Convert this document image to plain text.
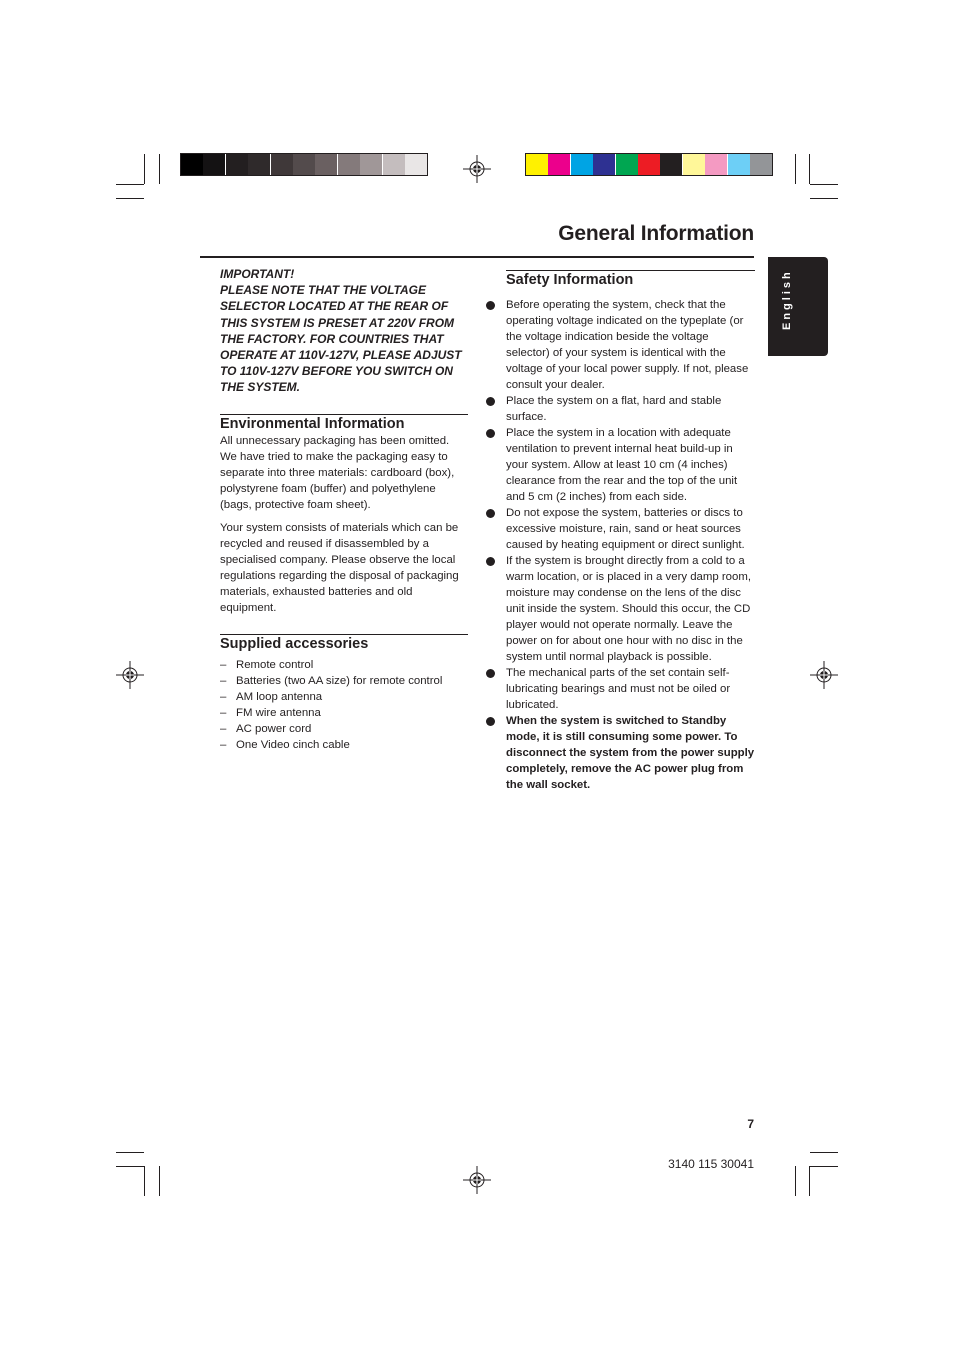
General Information
English
IMPORTANT!
PLEASE NOTE THAT THE VOLTAGE
SELECTOR LOCATED AT THE REAR OF
THIS SYSTEM IS PRESET AT 220V FROM
THE FACTORY. FOR COUNTRIES THAT
OPERATE AT 110V-127V, PLEASE ADJUST
TO 110V-127V BEFORE YOU SWITCH ON
THE SYSTEM.
Environmental Information

All unnecessary packaging has been omitted. We have tried to make the packaging easy to separate into three materials: cardboard (box), polystyrene foam (buffer) and polyethylene (bags, protective foam sheet).

Your system consists of materials which can be recycled and reused if disassembled by a specialised company. Please observe the local regulations regarding the disposal of packaging materials, exhausted batteries and old equipment.

Supplied accessories
– Remote control
– Batteries (two AA size) for remote control
– AM loop antenna
– FM wire antenna
– AC power cord
– One Video cinch cable
Safety Information
Before operating the system, check that the operating voltage indicated on the typeplate (or the voltage indication beside the voltage selector) of your system is identical with the voltage of your local power supply. If not, please consult your dealer.
Place the system on a flat, hard and stable surface.
Place the system in a location with adequate ventilation to prevent internal heat build-up in your system. Allow at least 10 cm (4 inches) clearance from the rear and the top of the unit and 5 cm (2 inches) from each side.
Do not expose the system, batteries or discs to excessive moisture, rain, sand or heat sources caused by heating equipment or direct sunlight.
If the system is brought directly from a cold to a warm location, or is placed in a very damp room, moisture may condense on the lens of the disc unit inside the system. Should this occur, the CD player would not operate normally. Leave the power on for about one hour with no disc in the system until normal playback is possible.
The mechanical parts of the set contain self-lubricating bearings and must not be oiled or lubricated.
When the system is switched to Standby mode, it is still consuming some power. To disconnect the system from the power supply completely, remove the AC power plug from the wall socket.
7
3140 115 30041
